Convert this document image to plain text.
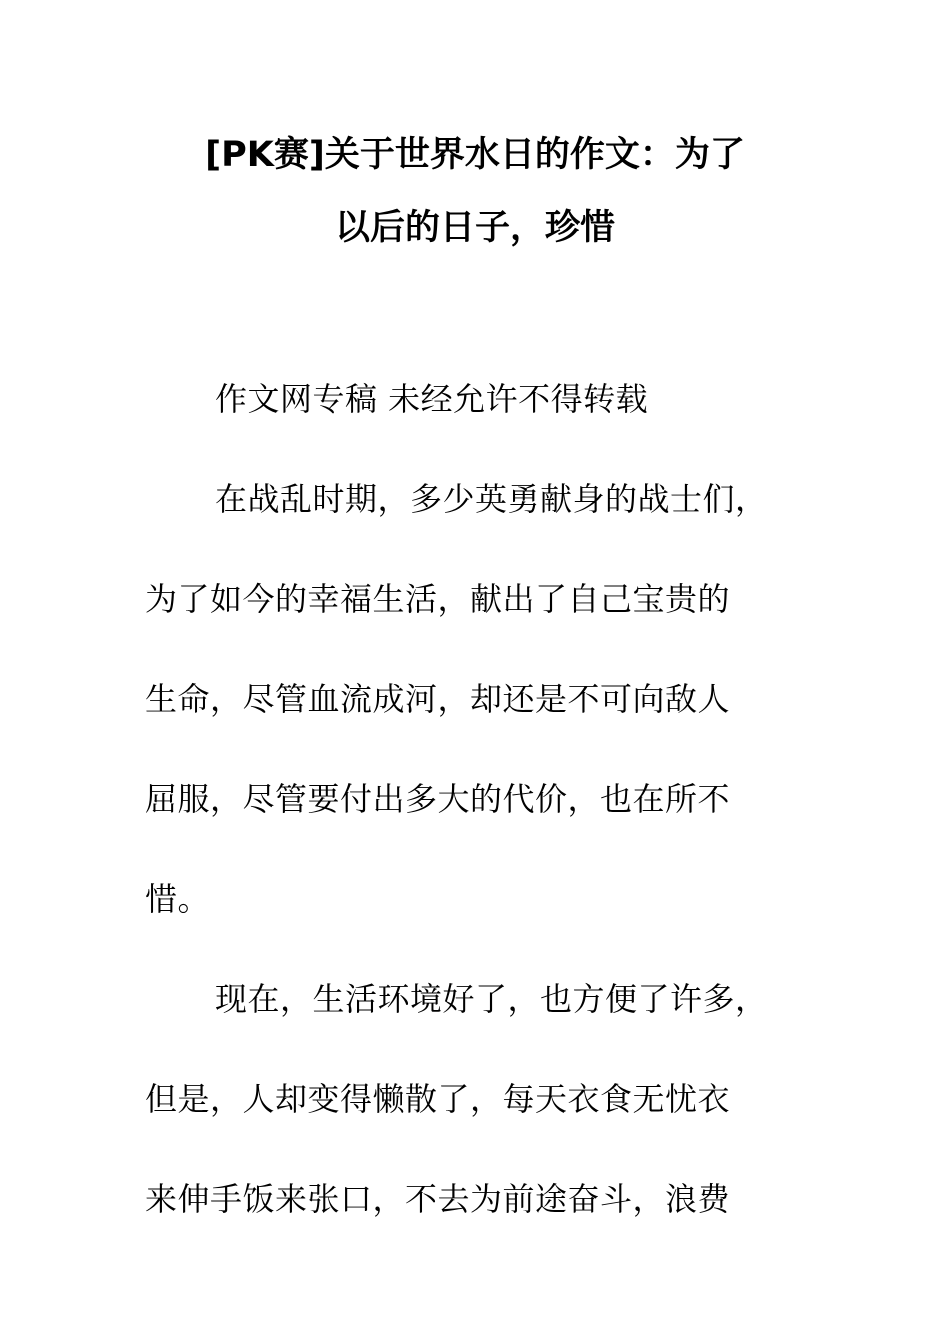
[PK赛]关于世界水日的作文：为了
以后的日子，珍惜
作文网专稿 未经允许不得转载
在战乱时期，多少英勇献身的战士们，
为了如今的幸福生活，献出了自己宝贵的
生命，尽管血流成河，却还是不可向敌人
屈服，尽管要付出多大的代价，也在所不
惜。
现在，生活环境好了，也方便了许多，
但是，人却变得懒散了，每天衣食无忧衣
来伸手饭来张口，不去为前途奋斗，浪费
